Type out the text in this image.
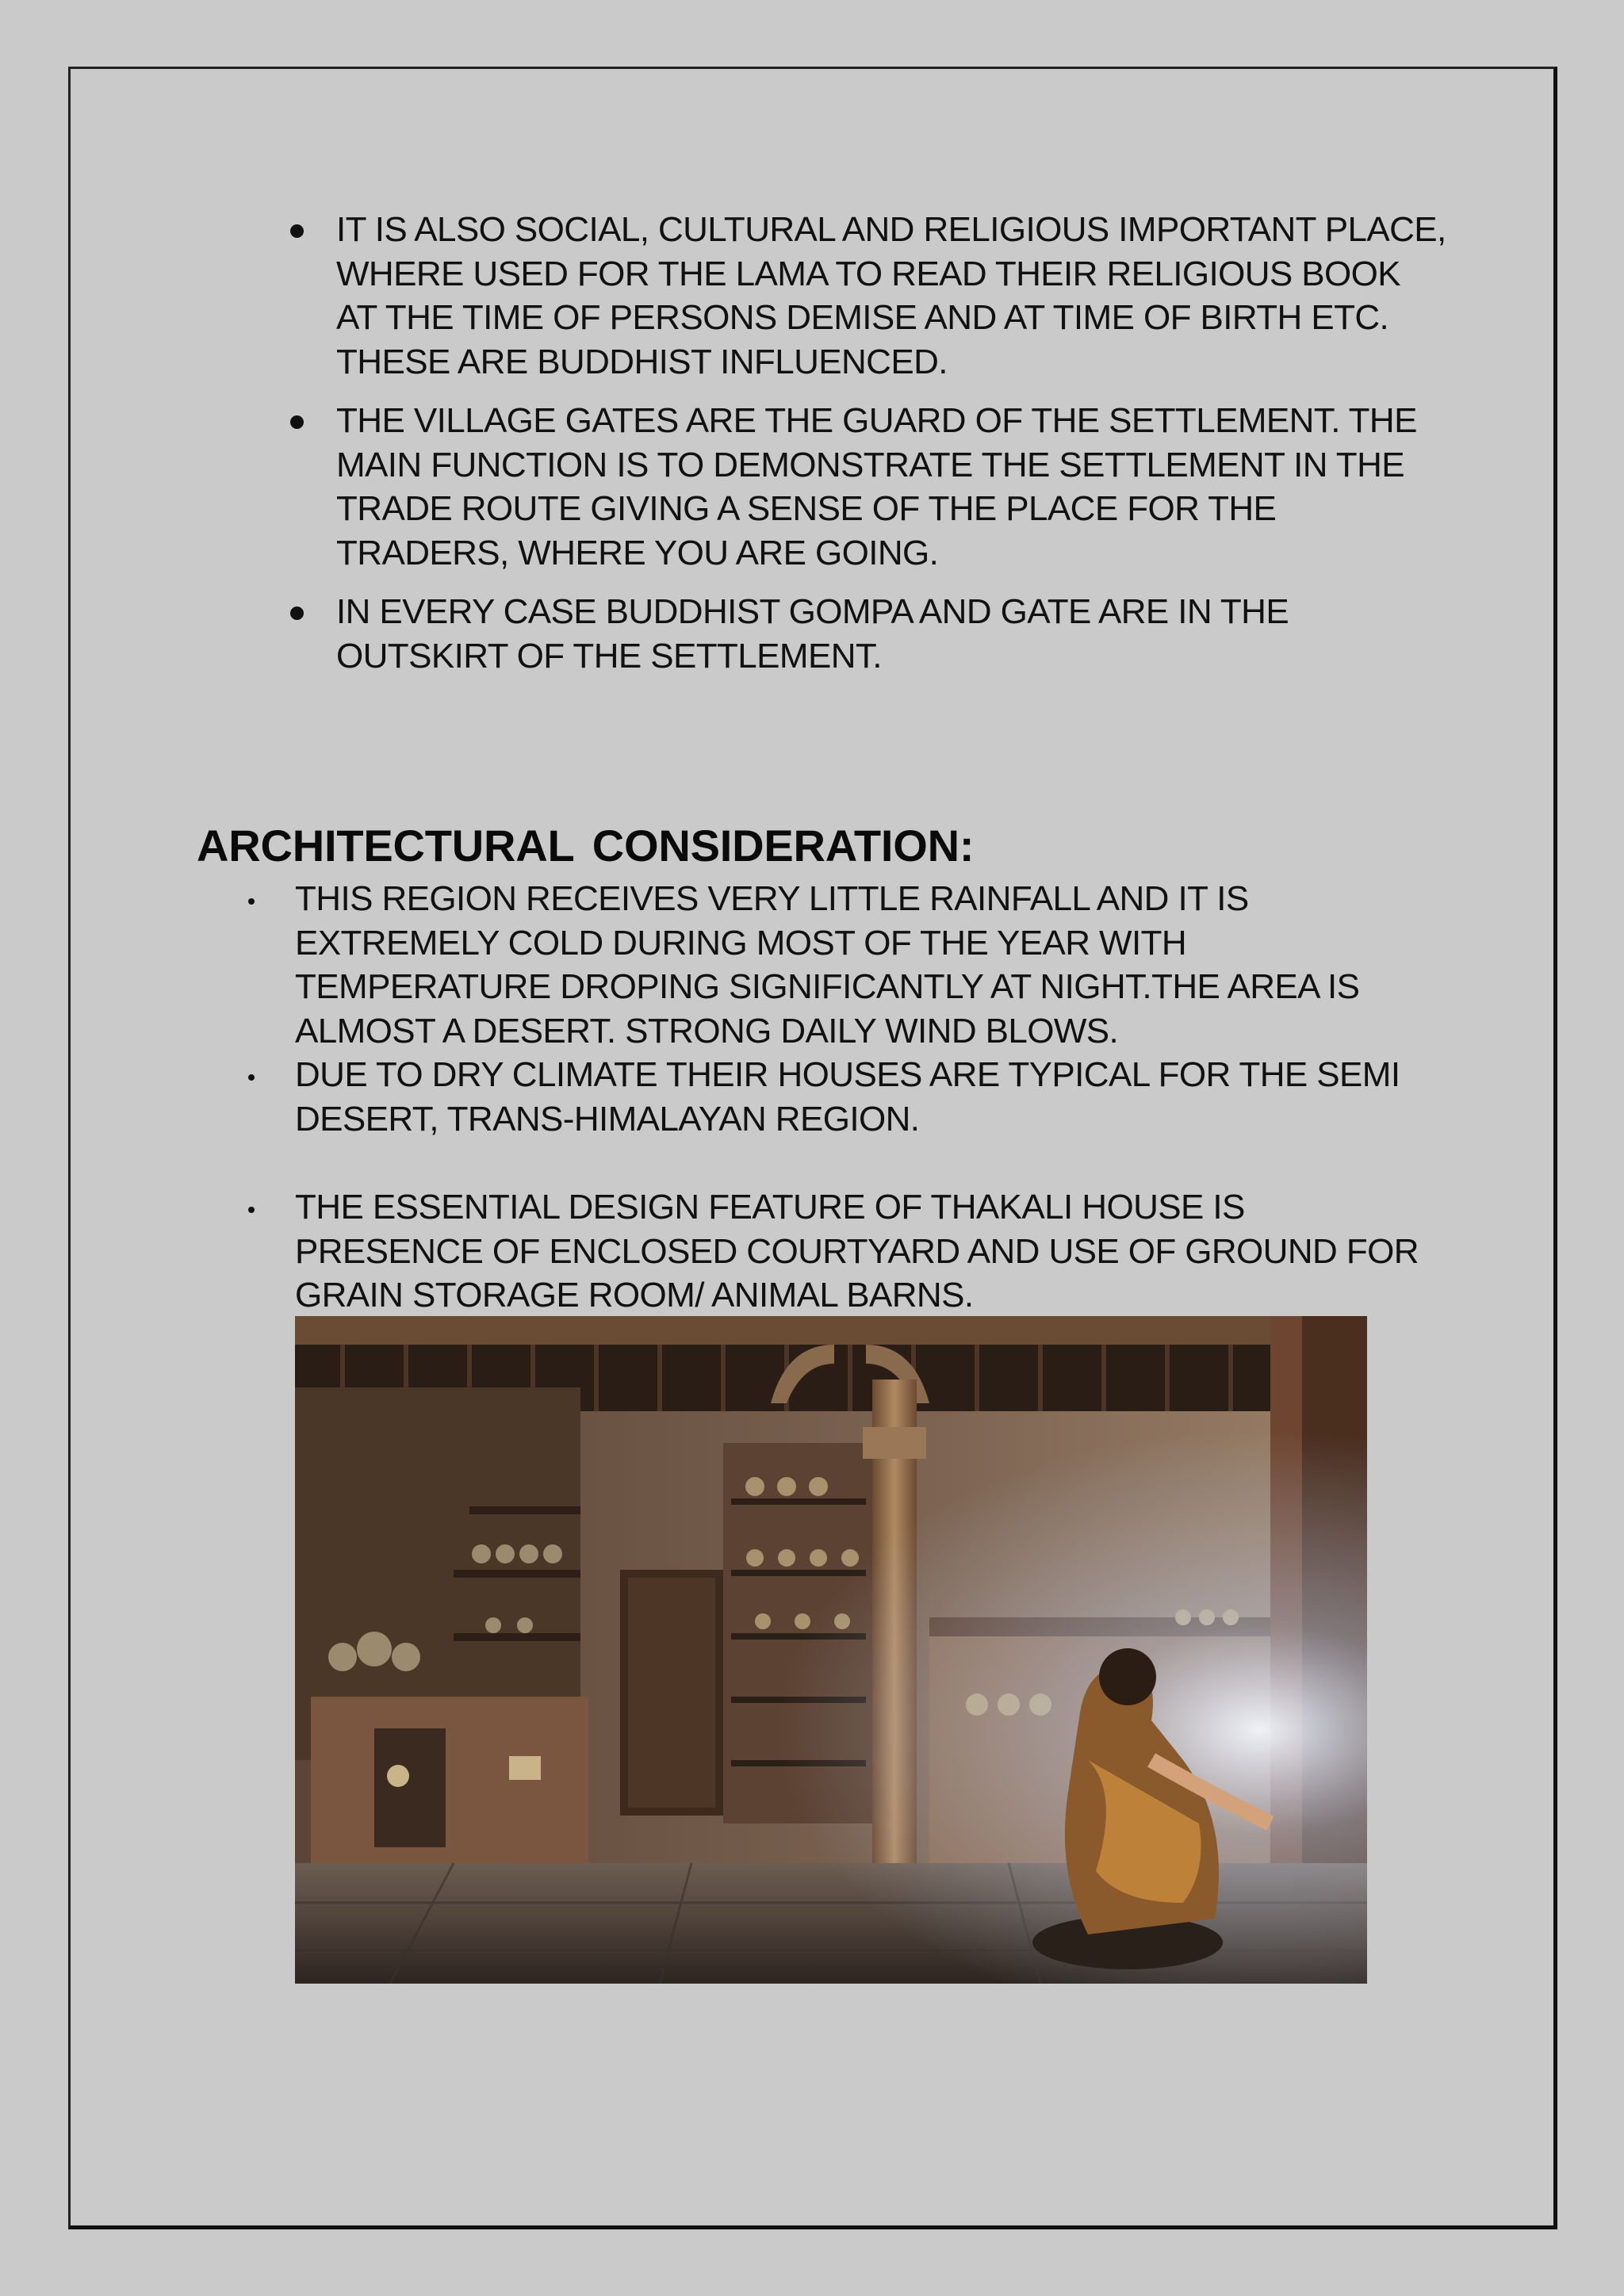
IT IS ALSO SOCIAL, CULTURAL AND RELIGIOUS IMPORTANT PLACE, WHERE USED FOR THE LAMA TO READ THEIR RELIGIOUS BOOK AT THE TIME OF PERSONS DEMISE AND AT TIME OF BIRTH ETC. THESE ARE BUDDHIST INFLUENCED.
THE VILLAGE GATES ARE THE GUARD OF THE SETTLEMENT. THE MAIN FUNCTION IS TO DEMONSTRATE THE SETTLEMENT IN THE TRADE ROUTE GIVING A SENSE OF THE PLACE FOR THE TRADERS, WHERE YOU ARE GOING.
IN EVERY CASE BUDDHIST GOMPA AND GATE ARE IN THE OUTSKIRT OF THE SETTLEMENT.
ARCHITECTURAL CONSIDERATION:
THIS REGION RECEIVES VERY LITTLE RAINFALL AND IT IS EXTREMELY COLD DURING MOST OF THE YEAR WITH TEMPERATURE DROPING SIGNIFICANTLY AT NIGHT.THE AREA IS ALMOST A DESERT. STRONG DAILY WIND BLOWS.
DUE TO DRY CLIMATE THEIR HOUSES ARE TYPICAL FOR THE SEMI DESERT, TRANS-HIMALAYAN REGION.
THE ESSENTIAL DESIGN FEATURE OF THAKALI HOUSE IS PRESENCE OF ENCLOSED COURTYARD AND USE OF GROUND FOR GRAIN STORAGE ROOM/ ANIMAL BARNS.
